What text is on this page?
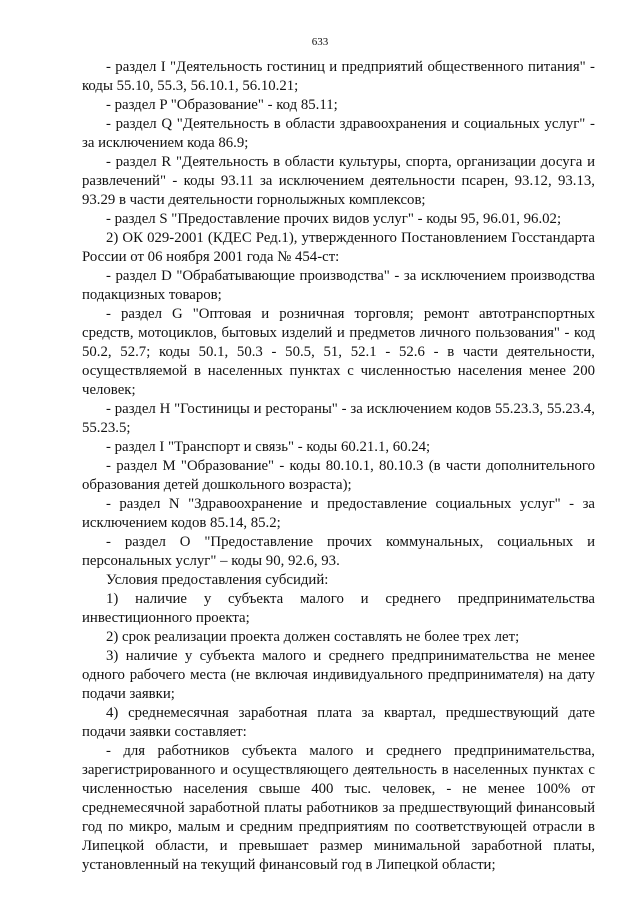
633

- раздел I "Деятельность гостиниц и предприятий общественного питания" - коды 55.10, 55.3, 56.10.1, 56.10.21;

- раздел P "Образование" - код 85.11;

- раздел Q "Деятельность в области здравоохранения и социальных услуг" - за исключением кода 86.9;

- раздел R "Деятельность в области культуры, спорта, организации досуга и развлечений" - коды 93.11 за исключением деятельности псарен, 93.12, 93.13, 93.29 в части деятельности горнолыжных комплексов;

- раздел S "Предоставление прочих видов услуг" - коды 95, 96.01, 96.02;

2) ОК 029-2001 (КДЕС Ред.1), утвержденного Постановлением Госстандарта России от 06 ноября 2001 года № 454-ст:

- раздел D "Обрабатывающие производства" - за исключением производства подакцизных товаров;

- раздел G "Оптовая и розничная торговля; ремонт автотранспортных средств, мотоциклов, бытовых изделий и предметов личного пользования" - код 50.2, 52.7; коды 50.1, 50.3 - 50.5, 51, 52.1 - 52.6 - в части деятельности, осуществляемой в населенных пунктах с численностью населения менее 200 человек;

- раздел H "Гостиницы и рестораны" - за исключением кодов 55.23.3, 55.23.4, 55.23.5;

- раздел I "Транспорт и связь" - коды 60.21.1, 60.24;

- раздел M "Образование" - коды 80.10.1, 80.10.3 (в части дополнительного образования детей дошкольного возраста);

- раздел N "Здравоохранение и предоставление социальных услуг" - за исключением кодов 85.14, 85.2;

- раздел O "Предоставление прочих коммунальных, социальных и персональных услуг" – коды 90, 92.6, 93.

Условия предоставления субсидий:

1) наличие у субъекта малого и среднего предпринимательства инвестиционного проекта;

2) срок реализации проекта должен составлять не более трех лет;

3) наличие у субъекта малого и среднего предпринимательства не менее одного рабочего места (не включая индивидуального предпринимателя) на дату подачи заявки;

4) среднемесячная заработная плата за квартал, предшествующий дате подачи заявки составляет:

- для работников субъекта малого и среднего предпринимательства, зарегистрированного и осуществляющего деятельность в населенных пунктах с численностью населения свыше 400 тыс. человек, - не менее 100% от среднемесячной заработной платы работников за предшествующий финансовый год по микро, малым и средним предприятиям по соответствующей отрасли в Липецкой области, и превышает размер минимальной заработной платы, установленный на текущий финансовый год в Липецкой области;
